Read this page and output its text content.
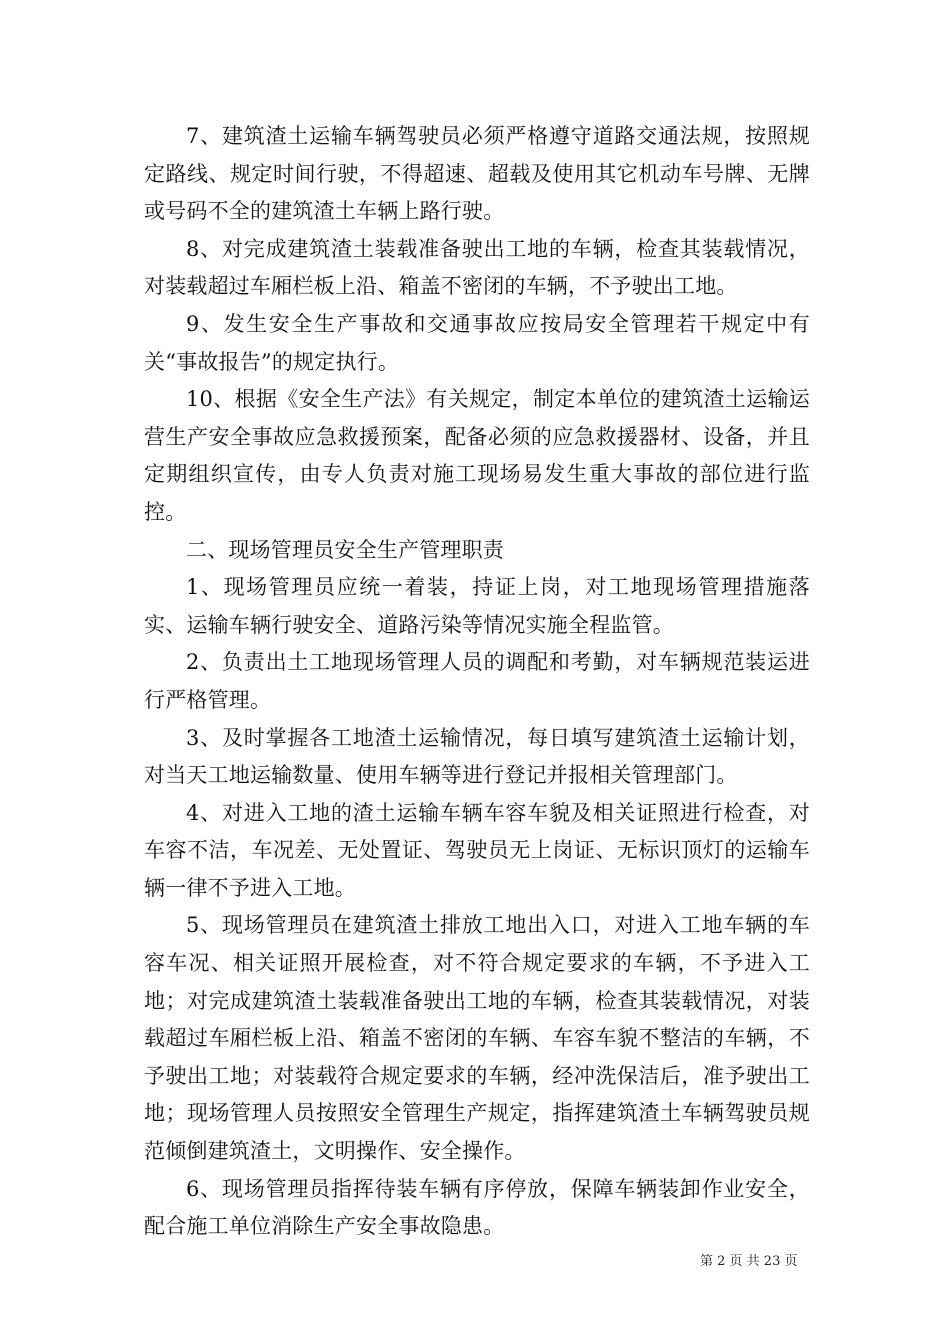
7、建筑渣土运输车辆驾驶员必须严格遵守道路交通法规，按照规定路线、规定时间行驶，不得超速、超载及使用其它机动车号牌、无牌或号码不全的建筑渣土车辆上路行驶。

8、对完成建筑渣土装载准备驶出工地的车辆，检查其装载情况，对装载超过车厢栏板上沿、箱盖不密闭的车辆，不予驶出工地。

9、发生安全生产事故和交通事故应按局安全管理若干规定中有关“事故报告”的规定执行。

10、根据《安全生产法》有关规定，制定本单位的建筑渣土运输运营生产安全事故应急救援预案，配备必须的应急救援器材、设备，并且定期组织宣传，由专人负责对施工现场易发生重大事故的部位进行监控。

二、现场管理员安全生产管理职责

1、现场管理员应统一着装，持证上岗，对工地现场管理措施落实、运输车辆行驶安全、道路污染等情况实施全程监管。

2、负责出土工地现场管理人员的调配和考勤，对车辆规范装运进行严格管理。

3、及时掌握各工地渣土运输情况，每日填写建筑渣土运输计划，对当天工地运输数量、使用车辆等进行登记并报相关管理部门。

4、对进入工地的渣土运输车辆车容车貌及相关证照进行检查，对车容不洁，车况差、无处置证、驾驶员无上岗证、无标识顶灯的运输车辆一律不予进入工地。

5、现场管理员在建筑渣土排放工地出入口，对进入工地车辆的车容车况、相关证照开展检查，对不符合规定要求的车辆，不予进入工地；对完成建筑渣土装载准备驶出工地的车辆，检查其装载情况，对装载超过车厢栏板上沿、箱盖不密闭的车辆、车容车貌不整洁的车辆，不予驶出工地；对装载符合规定要求的车辆，经冲洗保洁后，准予驶出工地；现场管理人员按照安全管理生产规定，指挥建筑渣土车辆驾驶员规范倾倒建筑渣土，文明操作、安全操作。

6、现场管理员指挥待装车辆有序停放，保障车辆装卸作业安全，配合施工单位消除生产安全事故隐患。

第 2 页 共 23 页
